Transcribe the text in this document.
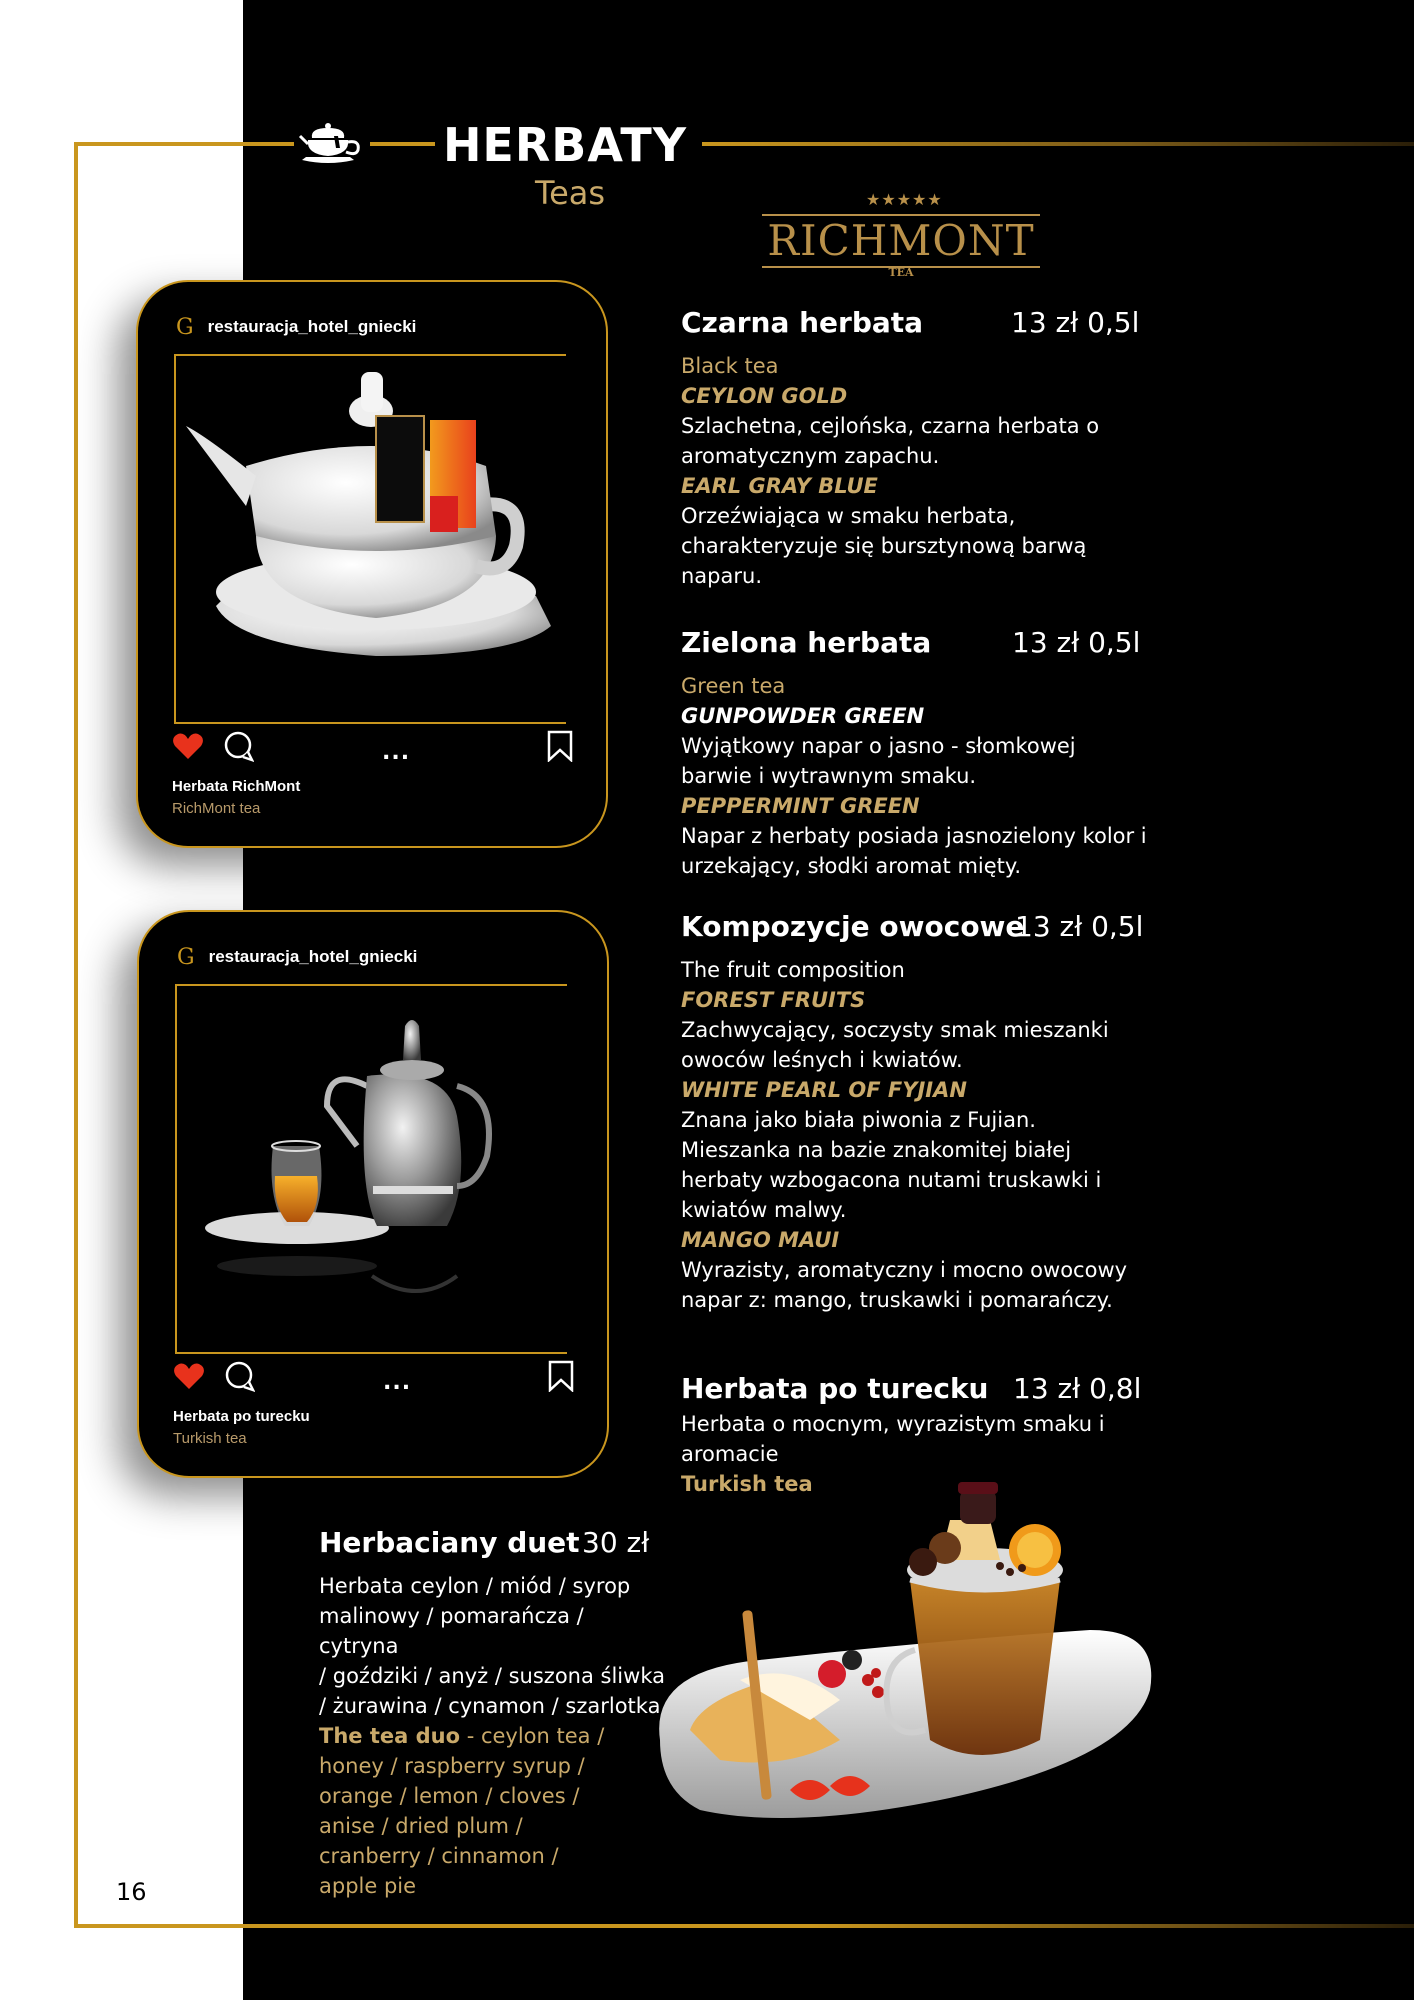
HERBATY
Teas	★★★★★
RICHMONT
TEA
G restauracja_hotel_gniecki
...
Herbata RichMont
RichMont tea
G restauracja_hotel_gniecki
...
Herbata po turecku
Turkish tea
Czarna herbata	13 zł 0,5l
Black tea
CEYLON GOLD
Szlachetna, cejlońska, czarna herbata o
aromatycznym zapachu.
EARL GRAY BLUE
Orzeźwiająca w smaku herbata,
charakteryzuje się bursztynową barwą
naparu.
Zielona herbata	13 zł 0,5l
Green tea
GUNPOWDER GREEN
Wyjątkowy napar o jasno - słomkowej
barwie i wytrawnym smaku.
PEPPERMINT GREEN
Napar z herbaty posiada jasnozielony kolor i
urzekający, słodki aromat mięty.
Kompozycje owocowe
13 zł 0,5l
The fruit composition
FOREST FRUITS
Zachwycający, soczysty smak mieszanki
owoców leśnych i kwiatów.
WHITE PEARL OF FYJIAN
Znana jako biała piwonia z Fujian.
Mieszanka na bazie znakomitej białej
herbaty wzbogacona nutami truskawki i
kwiatów malwy.
MANGO MAUI
Wyrazisty, aromatyczny i mocno owocowy
napar z: mango, truskawki i pomarańczy.
Herbata po turecku 13 zł 0,8l
Herbata o mocnym, wyrazistym smaku i
aromacie
Turkish tea
Herbaciany duet 30 zł
Herbata ceylon / miód / syrop
malinowy / pomarańcza / cytryna
/ goździki / anyż / suszona śliwka
/ żurawina / cynamon / szarlotka
The tea duo - ceylon tea /
honey / raspberry syrup /
orange / lemon / cloves /
anise / dried plum /
cranberry / cinnamon /
apple pie
16
